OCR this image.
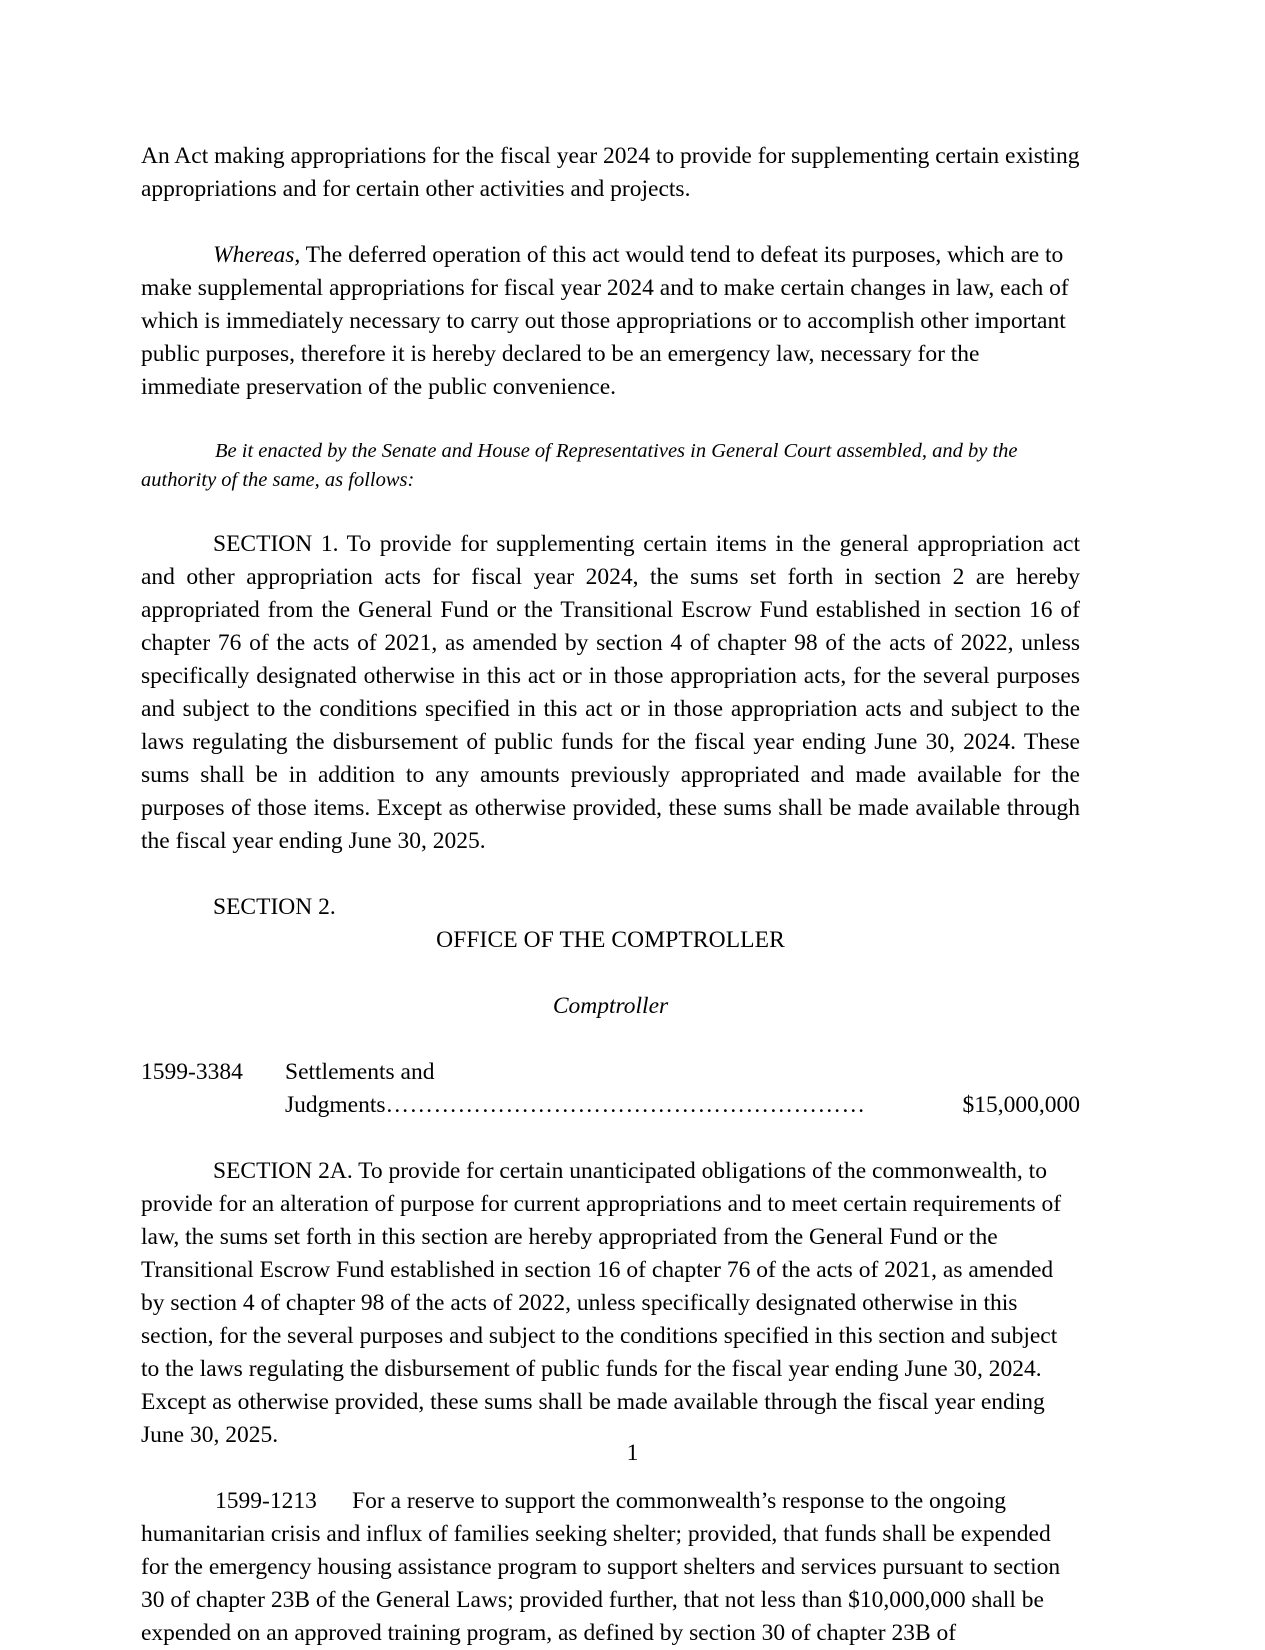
An Act making appropriations for the fiscal year 2024 to provide for supplementing certain existing appropriations and for certain other activities and projects.

Whereas, The deferred operation of this act would tend to defeat its purposes, which are to make supplemental appropriations for fiscal year 2024 and to make certain changes in law, each of which is immediately necessary to carry out those appropriations or to accomplish other important public purposes, therefore it is hereby declared to be an emergency law, necessary for the immediate preservation of the public convenience.

Be it enacted by the Senate and House of Representatives in General Court assembled, and by the authority of the same, as follows:

SECTION 1. To provide for supplementing certain items in the general appropriation act and other appropriation acts for fiscal year 2024, the sums set forth in section 2 are hereby appropriated from the General Fund or the Transitional Escrow Fund established in section 16 of chapter 76 of the acts of 2021, as amended by section 4 of chapter 98 of the acts of 2022, unless specifically designated otherwise in this act or in those appropriation acts, for the several purposes and subject to the conditions specified in this act or in those appropriation acts and subject to the laws regulating the disbursement of public funds for the fiscal year ending June 30, 2024. These sums shall be in addition to any amounts previously appropriated and made available for the purposes of those items. Except as otherwise provided, these sums shall be made available through the fiscal year ending June 30, 2025.

SECTION 2.

OFFICE OF THE COMPTROLLER

Comptroller

1599-3384	Settlements and
Judgments ……………………………………………………	$15,000,000

SECTION 2A. To provide for certain unanticipated obligations of the commonwealth, to provide for an alteration of purpose for current appropriations and to meet certain requirements of law, the sums set forth in this section are hereby appropriated from the General Fund or the Transitional Escrow Fund established in section 16 of chapter 76 of the acts of 2021, as amended by section 4 of chapter 98 of the acts of 2022, unless specifically designated otherwise in this section, for the several purposes and subject to the conditions specified in this section and subject to the laws regulating the disbursement of public funds for the fiscal year ending June 30, 2024. Except as otherwise provided, these sums shall be made available through the fiscal year ending June 30, 2025.

1599-1213 For a reserve to support the commonwealth’s response to the ongoing humanitarian crisis and influx of families seeking shelter; provided, that funds shall be expended for the emergency housing assistance program to support shelters and services pursuant to section 30 of chapter 23B of the General Laws; provided further, that not less than $10,000,000 shall be expended on an approved training program, as defined by section 30 of chapter 23B of

1
